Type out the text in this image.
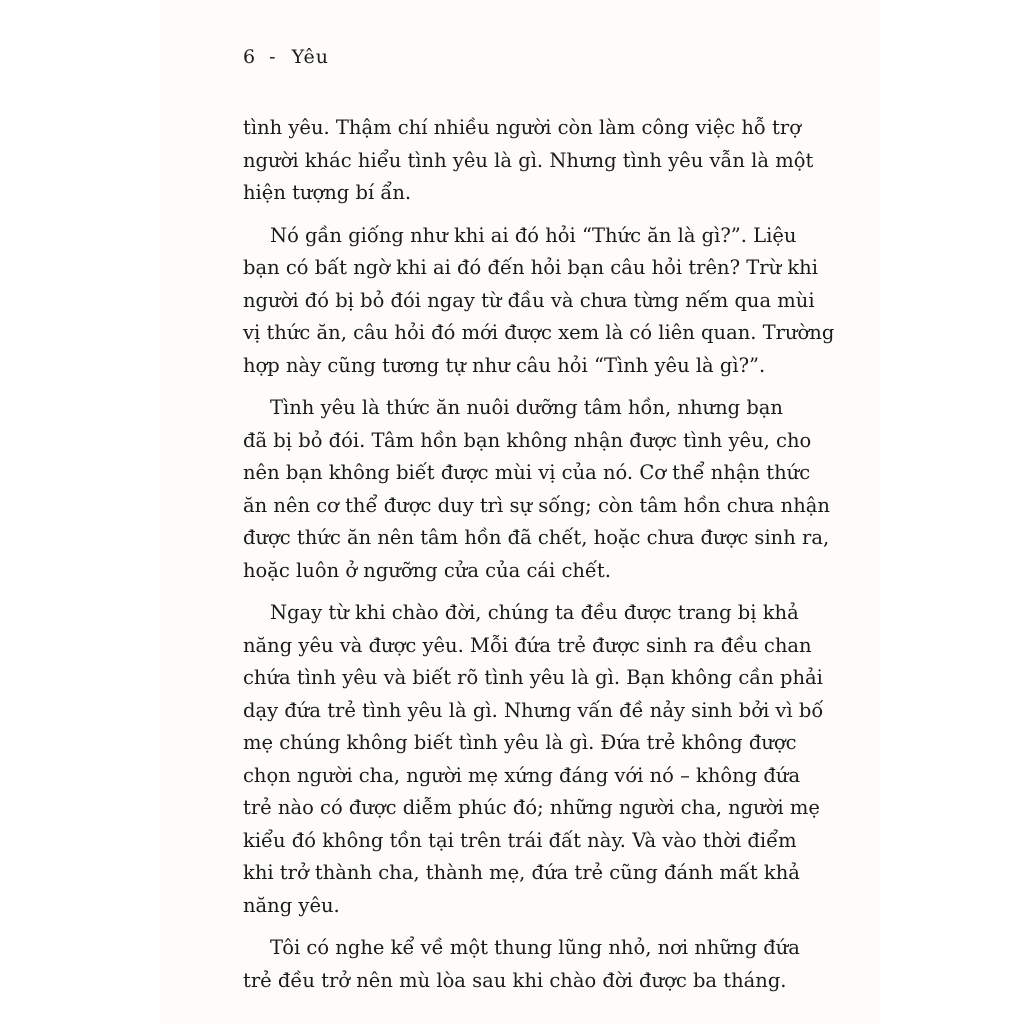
6 - Yêu
tình yêu. Thậm chí nhiều người còn làm công việc hỗ trợ
người khác hiểu tình yêu là gì. Nhưng tình yêu vẫn là một
hiện tượng bí ẩn.
Nó gần giống như khi ai đó hỏi “Thức ăn là gì?”. Liệu
bạn có bất ngờ khi ai đó đến hỏi bạn câu hỏi trên? Trừ khi
người đó bị bỏ đói ngay từ đầu và chưa từng nếm qua mùi
vị thức ăn, câu hỏi đó mới được xem là có liên quan. Trường
hợp này cũng tương tự như câu hỏi “Tình yêu là gì?”.
Tình yêu là thức ăn nuôi dưỡng tâm hồn, nhưng bạn
đã bị bỏ đói. Tâm hồn bạn không nhận được tình yêu, cho
nên bạn không biết được mùi vị của nó. Cơ thể nhận thức
ăn nên cơ thể được duy trì sự sống; còn tâm hồn chưa nhận
được thức ăn nên tâm hồn đã chết, hoặc chưa được sinh ra,
hoặc luôn ở ngưỡng cửa của cái chết.
Ngay từ khi chào đời, chúng ta đều được trang bị khả
năng yêu và được yêu. Mỗi đứa trẻ được sinh ra đều chan
chứa tình yêu và biết rõ tình yêu là gì. Bạn không cần phải
dạy đứa trẻ tình yêu là gì. Nhưng vấn đề nảy sinh bởi vì bố
mẹ chúng không biết tình yêu là gì. Đứa trẻ không được
chọn người cha, người mẹ xứng đáng với nó – không đứa
trẻ nào có được diễm phúc đó; những người cha, người mẹ
kiểu đó không tồn tại trên trái đất này. Và vào thời điểm
khi trở thành cha, thành mẹ, đứa trẻ cũng đánh mất khả
năng yêu.
Tôi có nghe kể về một thung lũng nhỏ, nơi những đứa
trẻ đều trở nên mù lòa sau khi chào đời được ba tháng.
